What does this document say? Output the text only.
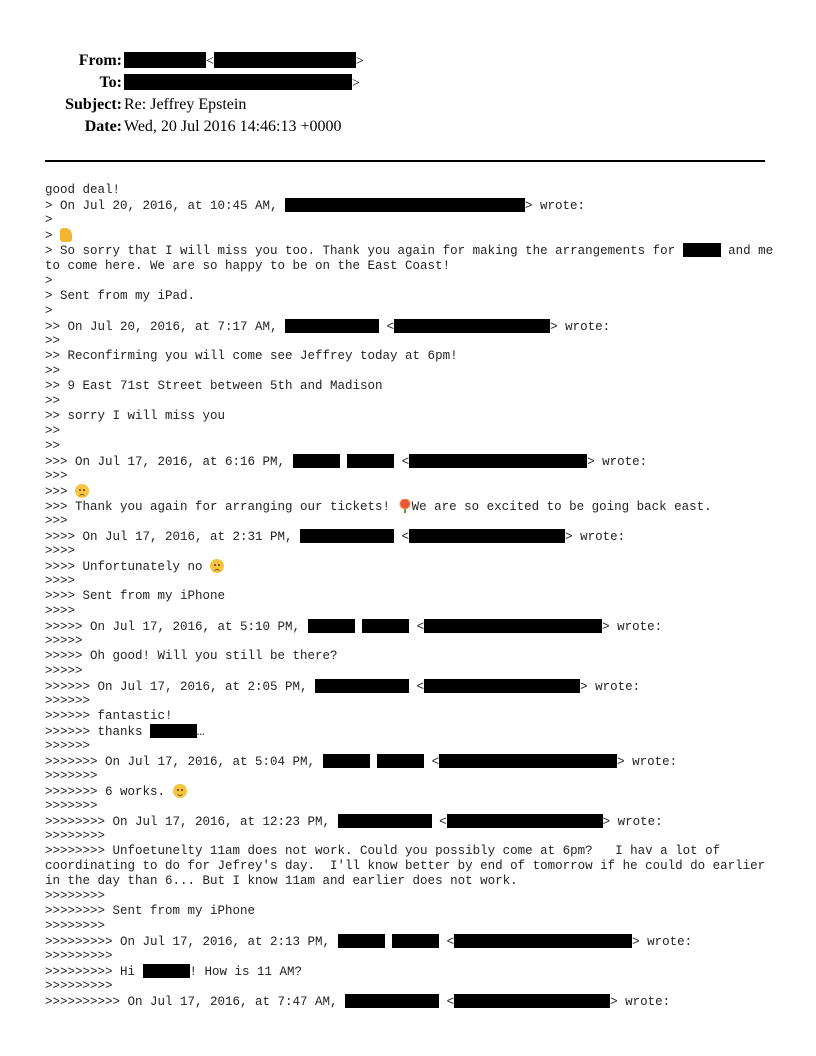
From:	<	>
To:	>
Subject: Re: Jeffrey Epstein
Date: Wed, 20 Jul 2016 14:46:13 +0000
good deal!
> On Jul 20, 2016, at 10:45 AM,	> wrote:
>
>
> So sorry that I will miss you too. Thank you again for making the arrangements for	and me to come here. We are so happy to be on the East Coast!
>
> Sent from my iPad.
>
>> On Jul 20, 2016, at 7:17 AM,	<	> wrote:
>>
>> Reconfirming you will come see Jeffrey today at 6pm!
>>
>> 9 East 71st Street between 5th and Madison
>>
>> sorry I will miss you
>>
>>
>>> On Jul 17, 2016, at 6:16 PM,	<	> wrote:
>>>
>>>
>>> Thank you again for arranging our tickets! We are so excited to be going back east.
>>>
>>>> On Jul 17, 2016, at 2:31 PM,	<	> wrote:
>>>>
>>>> Unfortunately no
>>>>
>>>> Sent from my iPhone
>>>>
>>>>> On Jul 17, 2016, at 5:10 PM,	<	> wrote:
>>>>>
>>>>> Oh good! Will you still be there?
>>>>>
>>>>>> On Jul 17, 2016, at 2:05 PM,	<	> wrote:
>>>>>>
>>>>>> fantastic!
>>>>>> thanks	…
>>>>>>
>>>>>>> On Jul 17, 2016, at 5:04 PM,	<	> wrote:
>>>>>>>
>>>>>>> 6 works.
>>>>>>>
>>>>>>>> On Jul 17, 2016, at 12:23 PM,	<	> wrote:
>>>>>>>>
>>>>>>>> Unfoetunelty 11am does not work. Could you possibly come at 6pm?   I hav a lot of coordinating to do for Jefrey's day.  I'll know better by end of tomorrow if he could do earlier in the day than 6... But I know 11am and earlier does not work.
>>>>>>>>
>>>>>>>> Sent from my iPhone
>>>>>>>>
>>>>>>>>> On Jul 17, 2016, at 2:13 PM,	<	> wrote:
>>>>>>>>>
>>>>>>>>> Hi	! How is 11 AM?
>>>>>>>>>
>>>>>>>>>> On Jul 17, 2016, at 7:47 AM,	<	> wrote:
